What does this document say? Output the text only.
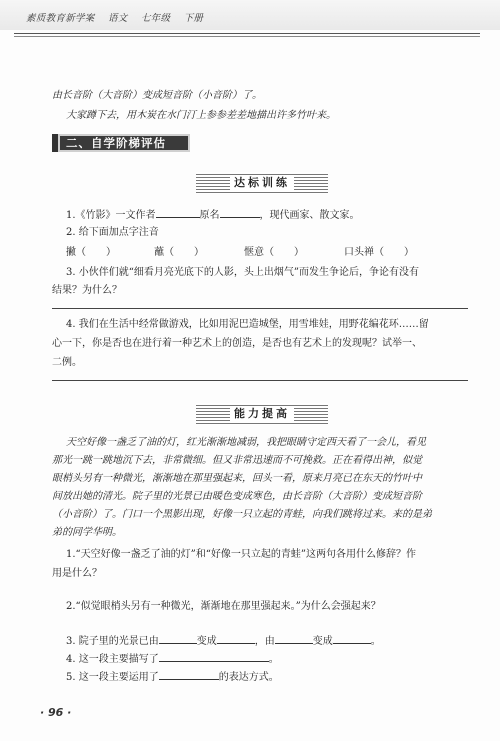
素质教育新学案 语文 七年级 下册
由长音阶（大音阶）变成短音阶（小音阶）了。
大家蹲下去，用木炭在水门汀上参参差差地描出许多竹叶来。
二、自学阶梯评估
达标训练
1.《竹影》一文作者	原名	，现代画家、散文家。
2. 给下面加点字注音
撇（　　）	蘸（　　）	惬意（　　）	口头禅（　　）
3. 小伙伴们就“细看月亮光底下的人影，头上出烟气”而发生争论后，争论有没有
结果？为什么？
4. 我们在生活中经常做游戏，比如用泥巴造城堡，用雪堆娃，用野花编花环……留
心一下，你是否也在进行着一种艺术上的创造，是否也有艺术上的发现呢？试举一、
二例。
能力提高
天空好像一盏乏了油的灯，红光渐渐地减弱，我把眼睛守定西天看了一会儿，看见
那光一跳一跳地沉下去，非常微细。但又非常迅速而不可挽救。正在看得出神，似觉
眼梢头另有一种微光，渐渐地在那里强起来，回头一看，原来月亮已在东天的竹叶中
间放出她的清光。院子里的光景已由暖色变成寒色，由长音阶（大音阶）变成短音阶
（小音阶）了。门口一个黑影出现，好像一只立起的青蛙，向我们跳将过来。来的是弟
弟的同学华明。
1.“天空好像一盏乏了油的灯”和“好像一只立起的青蛙”这两句各用什么修辞？作
用是什么？
2.“似觉眼梢头另有一种微光，渐渐地在那里强起来。”为什么会强起来？
3. 院子里的光景已由	变成	，由	变成	。
4. 这一段主要描写了	。
5. 这一段主要运用了	的表达方式。
· 96 ·
